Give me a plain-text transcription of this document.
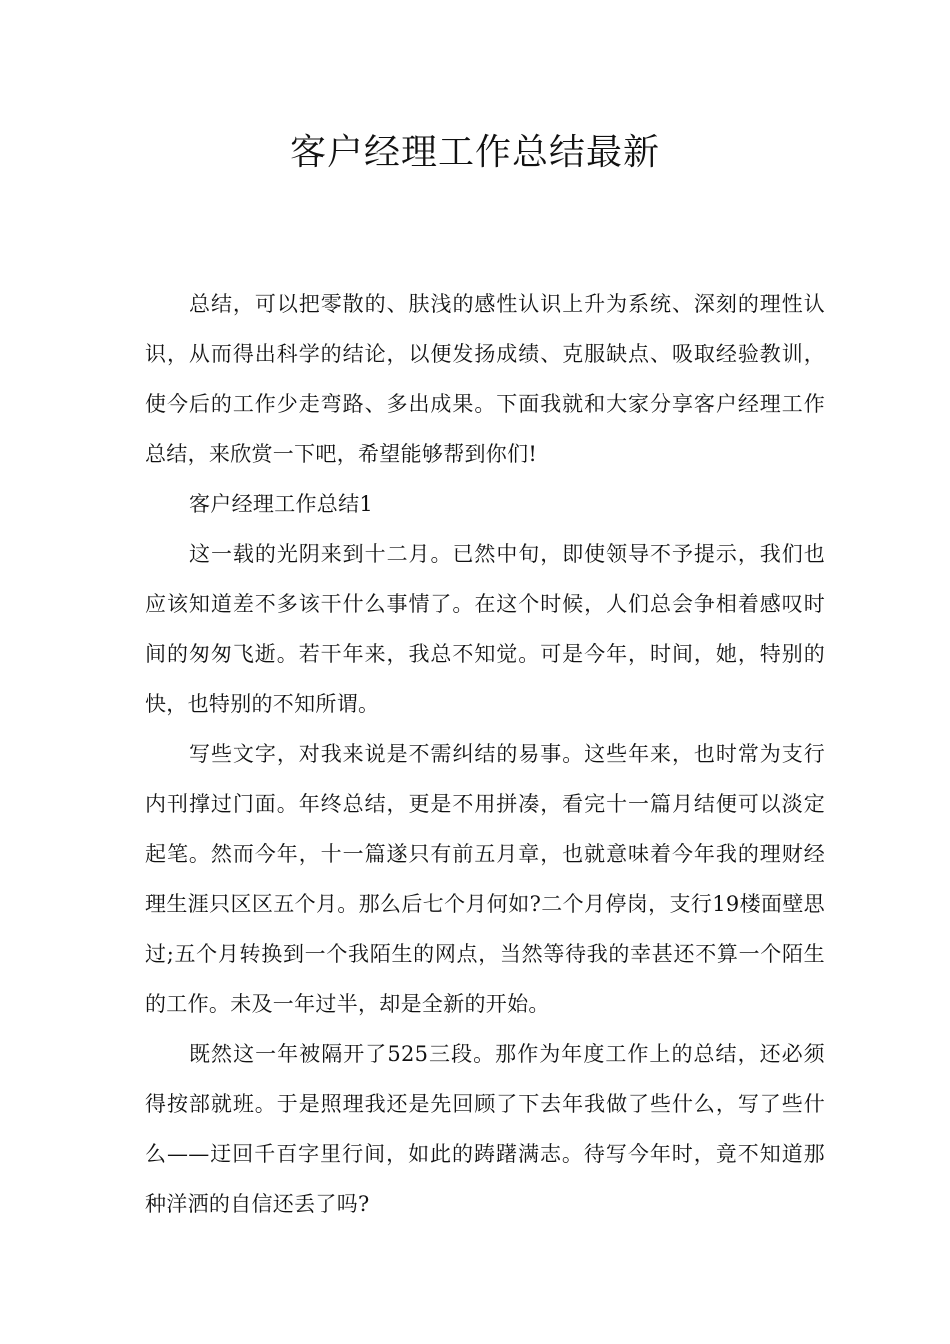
客户经理工作总结最新

总结，可以把零散的、肤浅的感性认识上升为系统、深刻的理性认识，从而得出科学的结论，以便发扬成绩、克服缺点、吸取经验教训，使今后的工作少走弯路、多出成果。下面我就和大家分享客户经理工作总结，来欣赏一下吧，希望能够帮到你们!

客户经理工作总结1

这一载的光阴来到十二月。已然中旬，即使领导不予提示，我们也应该知道差不多该干什么事情了。在这个时候，人们总会争相着感叹时间的匆匆飞逝。若干年来，我总不知觉。可是今年，时间，她，特别的快，也特别的不知所谓。

写些文字，对我来说是不需纠结的易事。这些年来，也时常为支行内刊撑过门面。年终总结，更是不用拼凑，看完十一篇月结便可以淡定起笔。然而今年，十一篇遂只有前五月章，也就意味着今年我的理财经理生涯只区区五个月。那么后七个月何如?二个月停岗，支行19楼面壁思过;五个月转换到一个我陌生的网点，当然等待我的幸甚还不算一个陌生的工作。未及一年过半，却是全新的开始。

既然这一年被隔开了525三段。那作为年度工作上的总结，还必须得按部就班。于是照理我还是先回顾了下去年我做了些什么，写了些什么——迂回千百字里行间，如此的踌躇满志。待写今年时，竟不知道那种洋洒的自信还丢了吗?
